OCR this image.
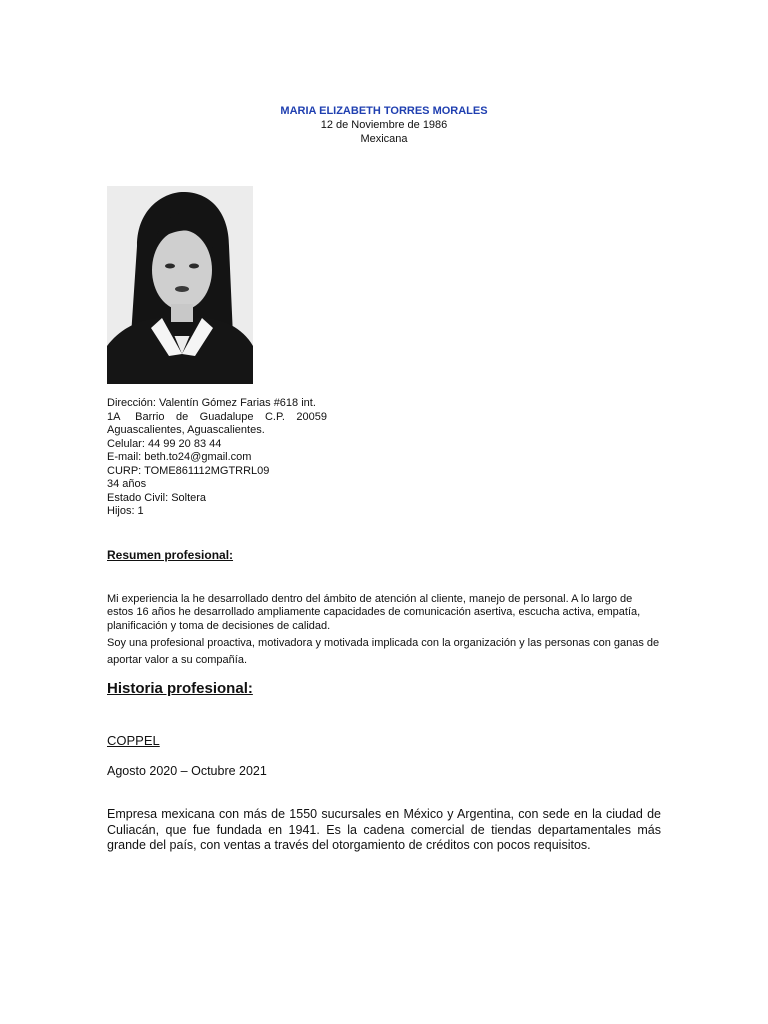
MARIA ELIZABETH TORRES MORALES
12 de Noviembre de 1986
Mexicana
Dirección: Valentín Gómez Farias #618 int.
1A    Barrio   de   Guadalupe   C.P.   20059
Aguascalientes, Aguascalientes.
Celular: 44 99 20 83 44
E-mail: beth.to24@gmail.com
CURP: TOME861112MGTRRL09
34 años
Estado Civil: Soltera
Hijos: 1
Resumen profesional:

Mi experiencia la he desarrollado dentro del ámbito de atención al cliente, manejo de personal. A lo largo de estos 16 años he desarrollado ampliamente capacidades de comunicación asertiva, escucha activa, empatía, planificación y toma de decisiones de calidad.

Soy una profesional proactiva, motivadora y motivada implicada con la organización y las personas con ganas de aportar valor a su compañía.

Historia profesional:
COPPEL
Agosto 2020 – Octubre 2021
Empresa mexicana con más de 1550 sucursales en México y Argentina, con sede en la ciudad de Culiacán, que fue fundada en 1941. Es la cadena comercial de tiendas departamentales más grande del país, con ventas a través del otorgamiento de créditos con pocos requisitos.
